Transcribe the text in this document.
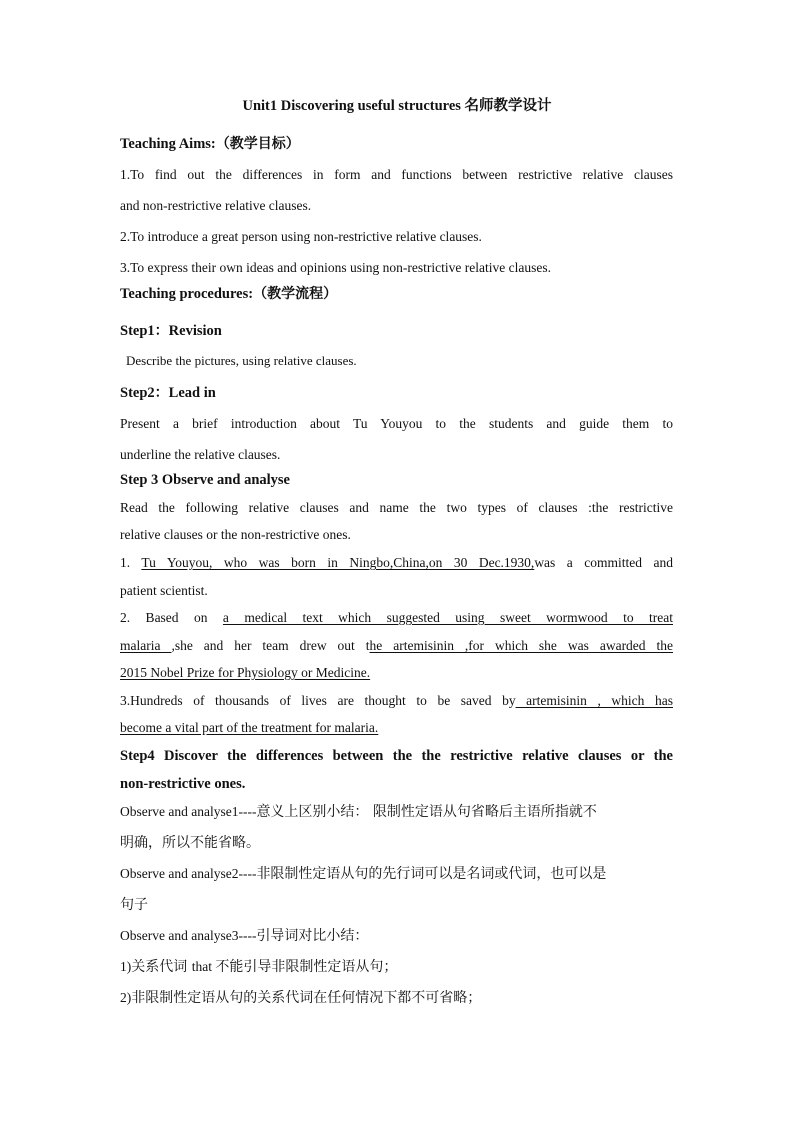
Unit1 Discovering useful structures 名师教学设计
Teaching Aims:（教学目标）
1.To find out the differences in form and functions between restrictive relative clauses
and non-restrictive relative clauses.
2.To introduce a great person using non-restrictive relative clauses.
3.To express their own ideas and opinions using non-restrictive relative clauses.
Teaching procedures:（教学流程）
Step1：Revision
Describe the pictures, using relative clauses.
Step2：Lead in
Present a brief introduction about Tu Youyou to the students and guide them to
underline the relative clauses.
Step 3 Observe and analyse
Read the following relative clauses and name the two types of clauses :the restrictive
relative clauses or the non-restrictive ones.
1. Tu Youyou, who was born in Ningbo,China,on 30 Dec.1930,was a committed and
patient scientist.
2. Based on a medical text which suggested using sweet wormwood to treat
malaria ,she and her team drew out the artemisinin ,for which she was awarded the
2015 Nobel Prize for Physiology or Medicine.
3.Hundreds of thousands of lives are thought to be saved by artemisinin , which has
become a vital part of the treatment for malaria.
Step4 Discover the differences between the the restrictive relative clauses or the
non-restrictive ones.
Observe and analyse1----意义上区别小结： 限制性定语从句省略后主语所指就不
明确，所以不能省略。
Observe and analyse2----非限制性定语从句的先行词可以是名词或代词，也可以是
句子
Observe and analyse3----引导词对比小结：
1)关系代词 that 不能引导非限制性定语从句；
2)非限制性定语从句的关系代词在任何情况下都不可省略；
